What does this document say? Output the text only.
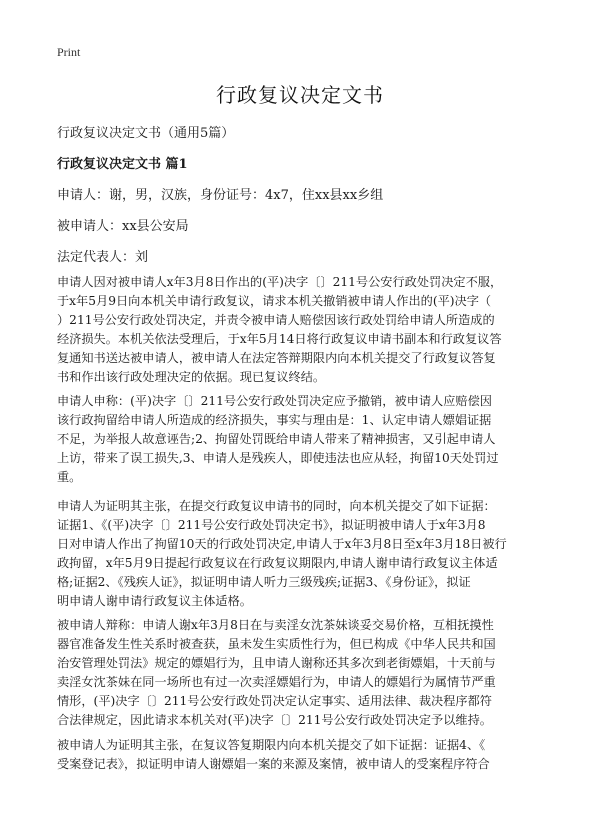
Print
行政复议决定文书
行政复议决定文书（通用5篇）
行政复议决定文书 篇1
申请人：谢，男，汉族，身份证号：4x7，住xx县xx乡组
被申请人：xx县公安局
法定代表人：刘
申请人因对被申请人x年3月8日作出的(平)决字〔〕211号公安行政处罚决定不服，
于x年5月9日向本机关申请行政复议，请求本机关撤销被申请人作出的(平)决字（
）211号公安行政处罚决定，并责令被申请人赔偿因该行政处罚给申请人所造成的
经济损失。本机关依法受理后，于x年5月14日将行政复议申请书副本和行政复议答
复通知书送达被申请人，被申请人在法定答辩期限内向本机关提交了行政复议答复
书和作出该行政处理决定的依据。现已复议终结。
申请人申称：(平)决字〔〕211号公安行政处罚决定应予撤销，被申请人应赔偿因
该行政拘留给申请人所造成的经济损失，事实与理由是：1、认定申请人嫖娼证据
不足，为举报人故意诬告;2、拘留处罚既给申请人带来了精神损害，又引起申请人
上访，带来了误工损失,3、申请人是残疾人，即使违法也应从轻，拘留10天处罚过
重。
申请人为证明其主张，在提交行政复议申请书的同时，向本机关提交了如下证据：
证据1、《(平)决字〔〕211号公安行政处罚决定书》，拟证明被申请人于x年3月8
日对申请人作出了拘留10天的行政处罚决定,申请人于x年3月8日至x年3月18日被行
政拘留，x年5月9日提起行政复议在行政复议期限内,申请人谢申请行政复议主体适
格;证据2、《残疾人证》，拟证明申请人听力三级残疾;证据3、《身份证》，拟证
明申请人谢申请行政复议主体适格。
被申请人辩称：申请人谢x年3月8日在与卖淫女沈茶妹谈妥交易价格，互相抚摸性
器官准备发生性关系时被查获，虽未发生实质性行为，但已构成《中华人民共和国
治安管理处罚法》规定的嫖娼行为，且申请人谢称还其多次到老街嫖娼，十天前与
卖淫女沈茶妹在同一场所也有过一次卖淫嫖娼行为，申请人的嫖娼行为属情节严重
情形，(平)决字〔〕211号公安行政处罚决定认定事实、适用法律、裁决程序都符
合法律规定，因此请求本机关对(平)决字〔〕211号公安行政处罚决定予以维持。
被申请人为证明其主张，在复议答复期限内向本机关提交了如下证据：证据4、《
受案登记表》，拟证明申请人谢嫖娼一案的来源及案情，被申请人的受案程序符合
